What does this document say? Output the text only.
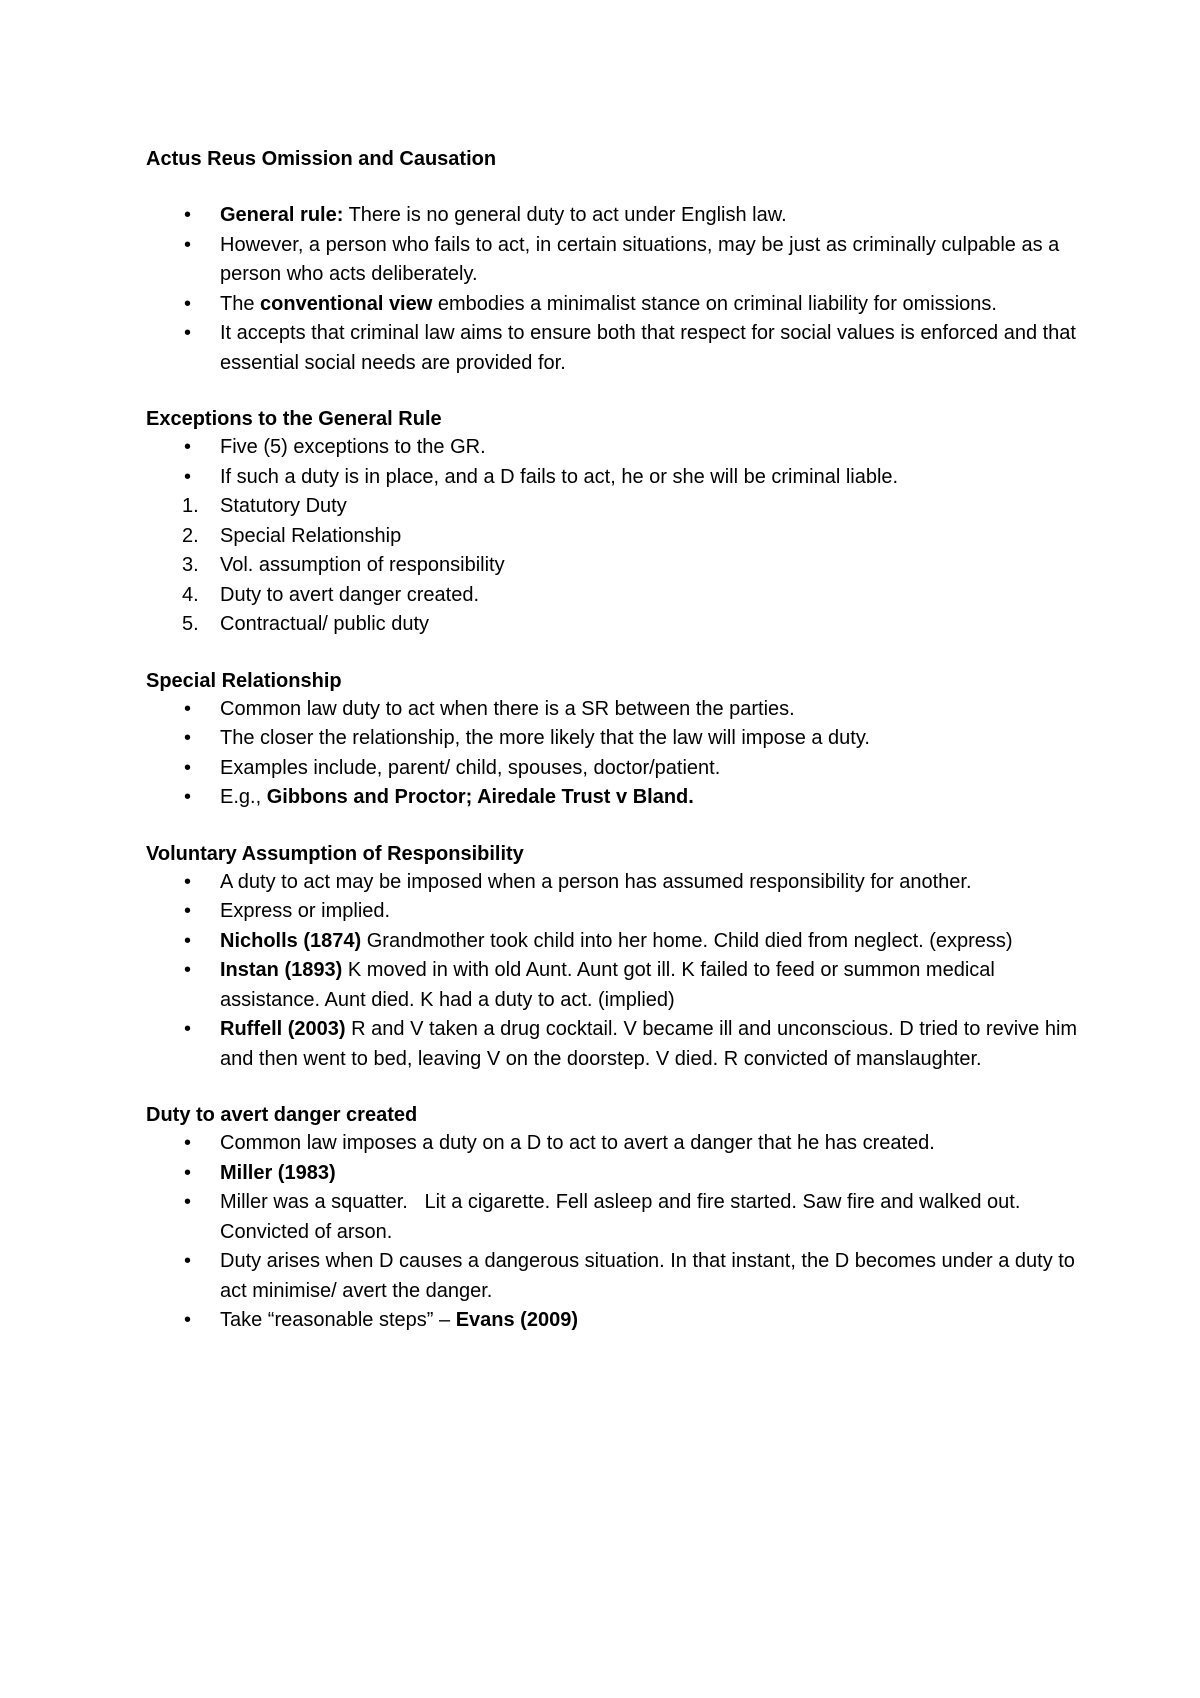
Actus Reus Omission and Causation

•	General rule: There is no general duty to act under English law.
•	However, a person who fails to act, in certain situations, may be just as criminally culpable as a person who acts deliberately.
•	The conventional view embodies a minimalist stance on criminal liability for omissions.
•	It accepts that criminal law aims to ensure both that respect for social values is enforced and that essential social needs are provided for.

Exceptions to the General Rule

•	Five (5) exceptions to the GR.
•	If such a duty is in place, and a D fails to act, he or she will be criminal liable.
1.	Statutory Duty
2.	Special Relationship
3.	Vol. assumption of responsibility
4.	Duty to avert danger created.
5.	Contractual/ public duty

Special Relationship

•	Common law duty to act when there is a SR between the parties.
•	The closer the relationship, the more likely that the law will impose a duty.
•	Examples include, parent/ child, spouses, doctor/patient.
•	E.g., Gibbons and Proctor; Airedale Trust v Bland.

Voluntary Assumption of Responsibility

•	A duty to act may be imposed when a person has assumed responsibility for another.
•	Express or implied.
•	Nicholls (1874) Grandmother took child into her home. Child died from neglect. (express)
•	Instan (1893) K moved in with old Aunt. Aunt got ill. K failed to feed or summon medical assistance. Aunt died. K had a duty to act. (implied)
•	Ruffell (2003) R and V taken a drug cocktail. V became ill and unconscious. D tried to revive him and then went to bed, leaving V on the doorstep. V died. R convicted of manslaughter.

Duty to avert danger created

•	Common law imposes a duty on a D to act to avert a danger that he has created.
•	Miller (1983)
•	Miller was a squatter.   Lit a cigarette. Fell asleep and fire started. Saw fire and walked out. Convicted of arson.
•	Duty arises when D causes a dangerous situation. In that instant, the D becomes under a duty to act minimise/ avert the danger.
•	Take “reasonable steps” – Evans (2009)
